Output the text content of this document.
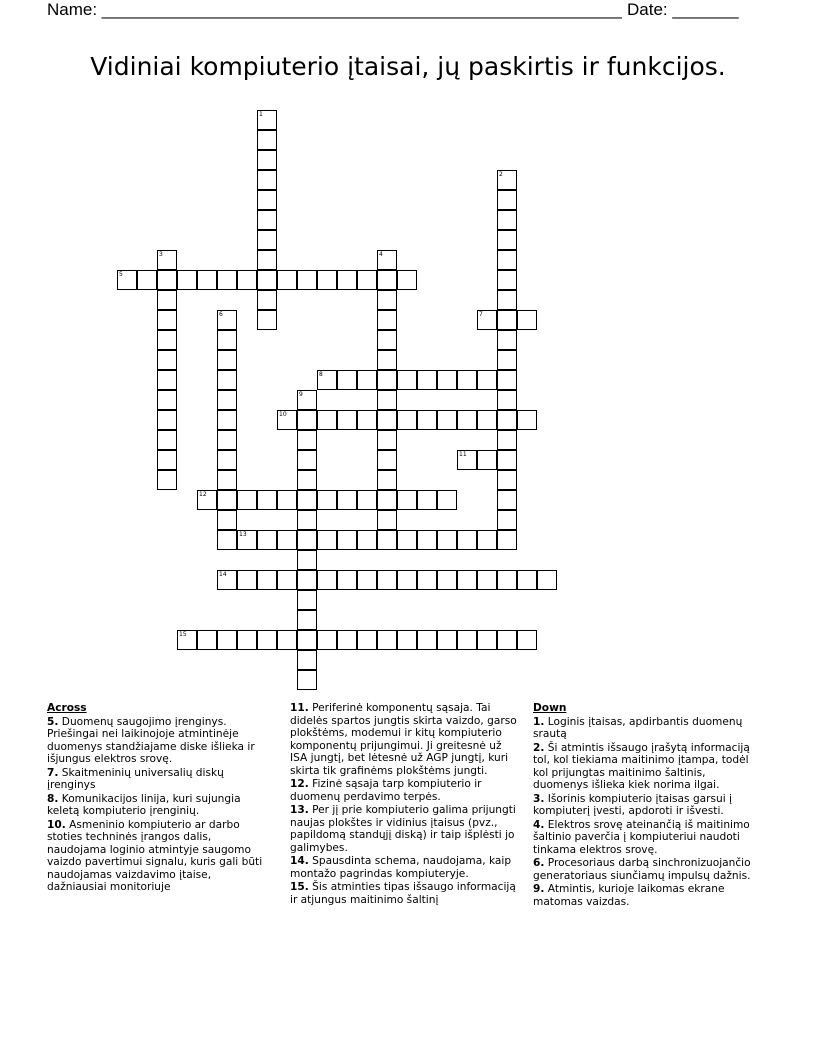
Name: _______________________________________________________ Date: _______
Vidiniai kompiuterio įtaisai, jų paskirtis ir funkcijos.
1
2
3	4
5
6	7
8
9
10
11
12
13
14
15
Across
5. Duomenų saugojimo įrenginys. Priešingai nei laikinojoje atmintinėje duomenys standžiajame diske išlieka ir išjungus elektros srovę.
7. Skaitmeninių universalių diskų įrenginys
8. Komunikacijos linija, kuri sujungia keletą kompiuterio įrenginių.
10. Asmeninio kompiuterio ar darbo stoties techninės įrangos dalis, naudojama loginio atmintyje saugomo vaizdo pavertimui signalu, kuris gali būti naudojamas vaizdavimo įtaise, dažniausiai monitoriuje
11. Periferinė komponentų sąsaja. Tai didelės spartos jungtis skirta vaizdo, garso plokštėms, modemui ir kitų kompiuterio komponentų prijungimui. Ji greitesnė už ISA jungtį, bet lėtesnė už AGP jungtį, kuri skirta tik grafinėms plokštėms jungti.
12. Fizinė sąsaja tarp kompiuterio ir duomenų perdavimo terpės.
13. Per jį prie kompiuterio galima prijungti naujas plokštes ir vidinius įtaisus (pvz., papildomą standųjį diską) ir taip išplėsti jo galimybes.
14. Spausdinta schema, naudojama, kaip montažo pagrindas kompiuteryje.
15. Šis atminties tipas išsaugo informaciją ir atjungus maitinimo šaltinį
Down
1. Loginis įtaisas, apdirbantis duomenų srautą
2. Ši atmintis išsaugo įrašytą informaciją tol, kol tiekiama maitinimo įtampa, todėl kol prijungtas maitinimo šaltinis, duomenys išlieka kiek norima ilgai.
3. Išorinis kompiuterio įtaisas garsui į kompiuterį įvesti, apdoroti ir išvesti.
4. Elektros srovę ateinančią iš maitinimo šaltinio paverčia į kompiuteriui naudoti tinkama elektros srovę.
6. Procesoriaus darbą sinchronizuojančio generatoriaus siunčiamų impulsų dažnis.
9. Atmintis, kurioje laikomas ekrane matomas vaizdas.
